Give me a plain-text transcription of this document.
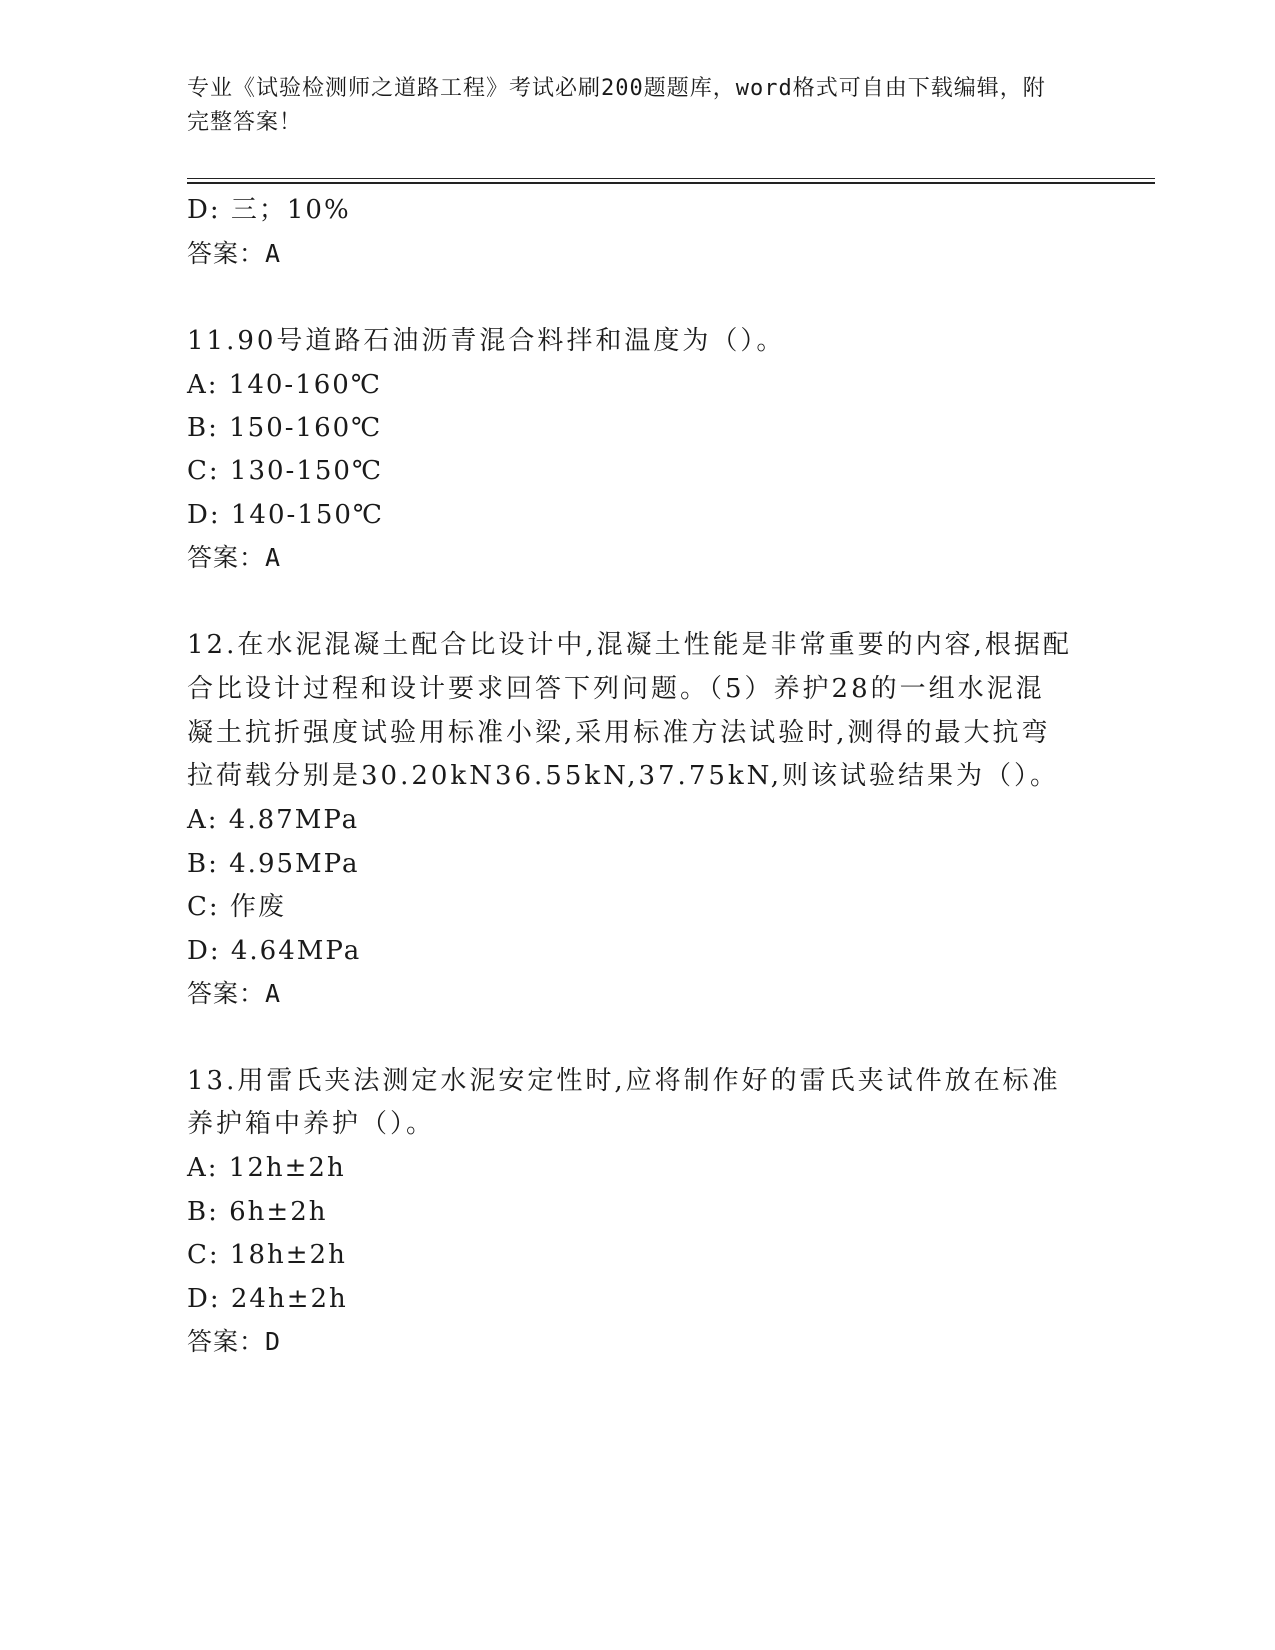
专业《试验检测师之道路工程》考试必刷200题题库，word格式可自由下载编辑，附完整答案！
D: 三；10%
答案：A
11.90号道路石油沥青混合料拌和温度为（）。
A: 140-160℃
B: 150-160℃
C: 130-150℃
D: 140-150℃
答案：A
12.在水泥混凝土配合比设计中,混凝土性能是非常重要的内容,根据配
合比设计过程和设计要求回答下列问题。（5）养护28的一组水泥混
凝土抗折强度试验用标准小梁,采用标准方法试验时,测得的最大抗弯
拉荷载分别是30.20kN36.55kN,37.75kN,则该试验结果为（）。
A: 4.87MPa
B: 4.95MPa
C: 作废
D: 4.64MPa
答案：A
13.用雷氏夹法测定水泥安定性时,应将制作好的雷氏夹试件放在标准
养护箱中养护（）。
A: 12h±2h
B: 6h±2h
C: 18h±2h
D: 24h±2h
答案：D
